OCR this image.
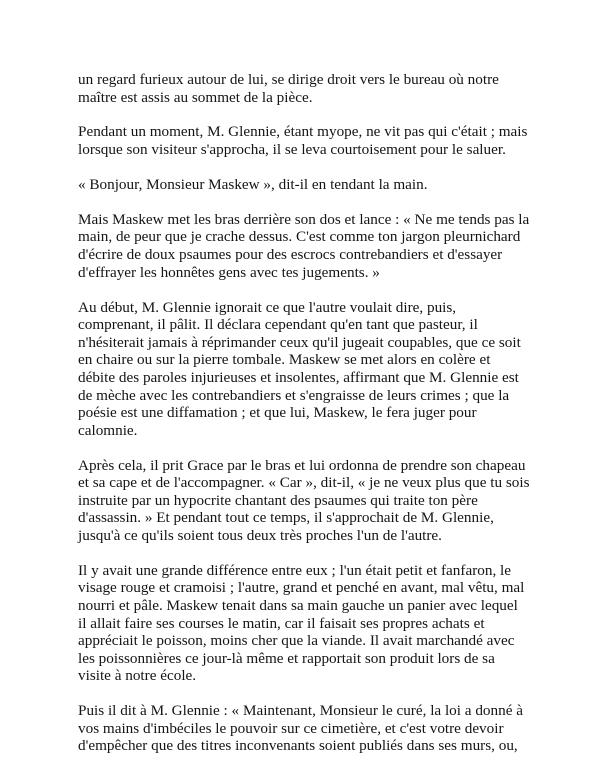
un regard furieux autour de lui, se dirige droit vers le bureau où notre maître est assis au sommet de la pièce.

Pendant un moment, M. Glennie, étant myope, ne vit pas qui c'était ; mais lorsque son visiteur s'approcha, il se leva courtoisement pour le saluer.

« Bonjour, Monsieur Maskew », dit-il en tendant la main.

Mais Maskew met les bras derrière son dos et lance : « Ne me tends pas la main, de peur que je crache dessus. C'est comme ton jargon pleurnichard d'écrire de doux psaumes pour des escrocs contrebandiers et d'essayer d'effrayer les honnêtes gens avec tes jugements. »

Au début, M. Glennie ignorait ce que l'autre voulait dire, puis, comprenant, il pâlit. Il déclara cependant qu'en tant que pasteur, il n'hésiterait jamais à réprimander ceux qu'il jugeait coupables, que ce soit en chaire ou sur la pierre tombale. Maskew se met alors en colère et débite des paroles injurieuses et insolentes, affirmant que M. Glennie est de mèche avec les contrebandiers et s'engraisse de leurs crimes ; que la poésie est une diffamation ; et que lui, Maskew, le fera juger pour calomnie.

Après cela, il prit Grace par le bras et lui ordonna de prendre son chapeau et sa cape et de l'accompagner. « Car », dit-il, « je ne veux plus que tu sois instruite par un hypocrite chantant des psaumes qui traite ton père d'assassin. » Et pendant tout ce temps, il s'approchait de M. Glennie, jusqu'à ce qu'ils soient tous deux très proches l'un de l'autre.

Il y avait une grande différence entre eux ; l'un était petit et fanfaron, le visage rouge et cramoisi ; l'autre, grand et penché en avant, mal vêtu, mal nourri et pâle. Maskew tenait dans sa main gauche un panier avec lequel il allait faire ses courses le matin, car il faisait ses propres achats et appréciait le poisson, moins cher que la viande. Il avait marchandé avec les poissonnières ce jour-là même et rapportait son produit lors de sa visite à notre école.

Puis il dit à M. Glennie : « Maintenant, Monsieur le curé, la loi a donné à vos mains d'imbéciles le pouvoir sur ce cimetière, et c'est votre devoir d'empêcher que des titres inconvenants soient publiés dans ses murs, ou,
